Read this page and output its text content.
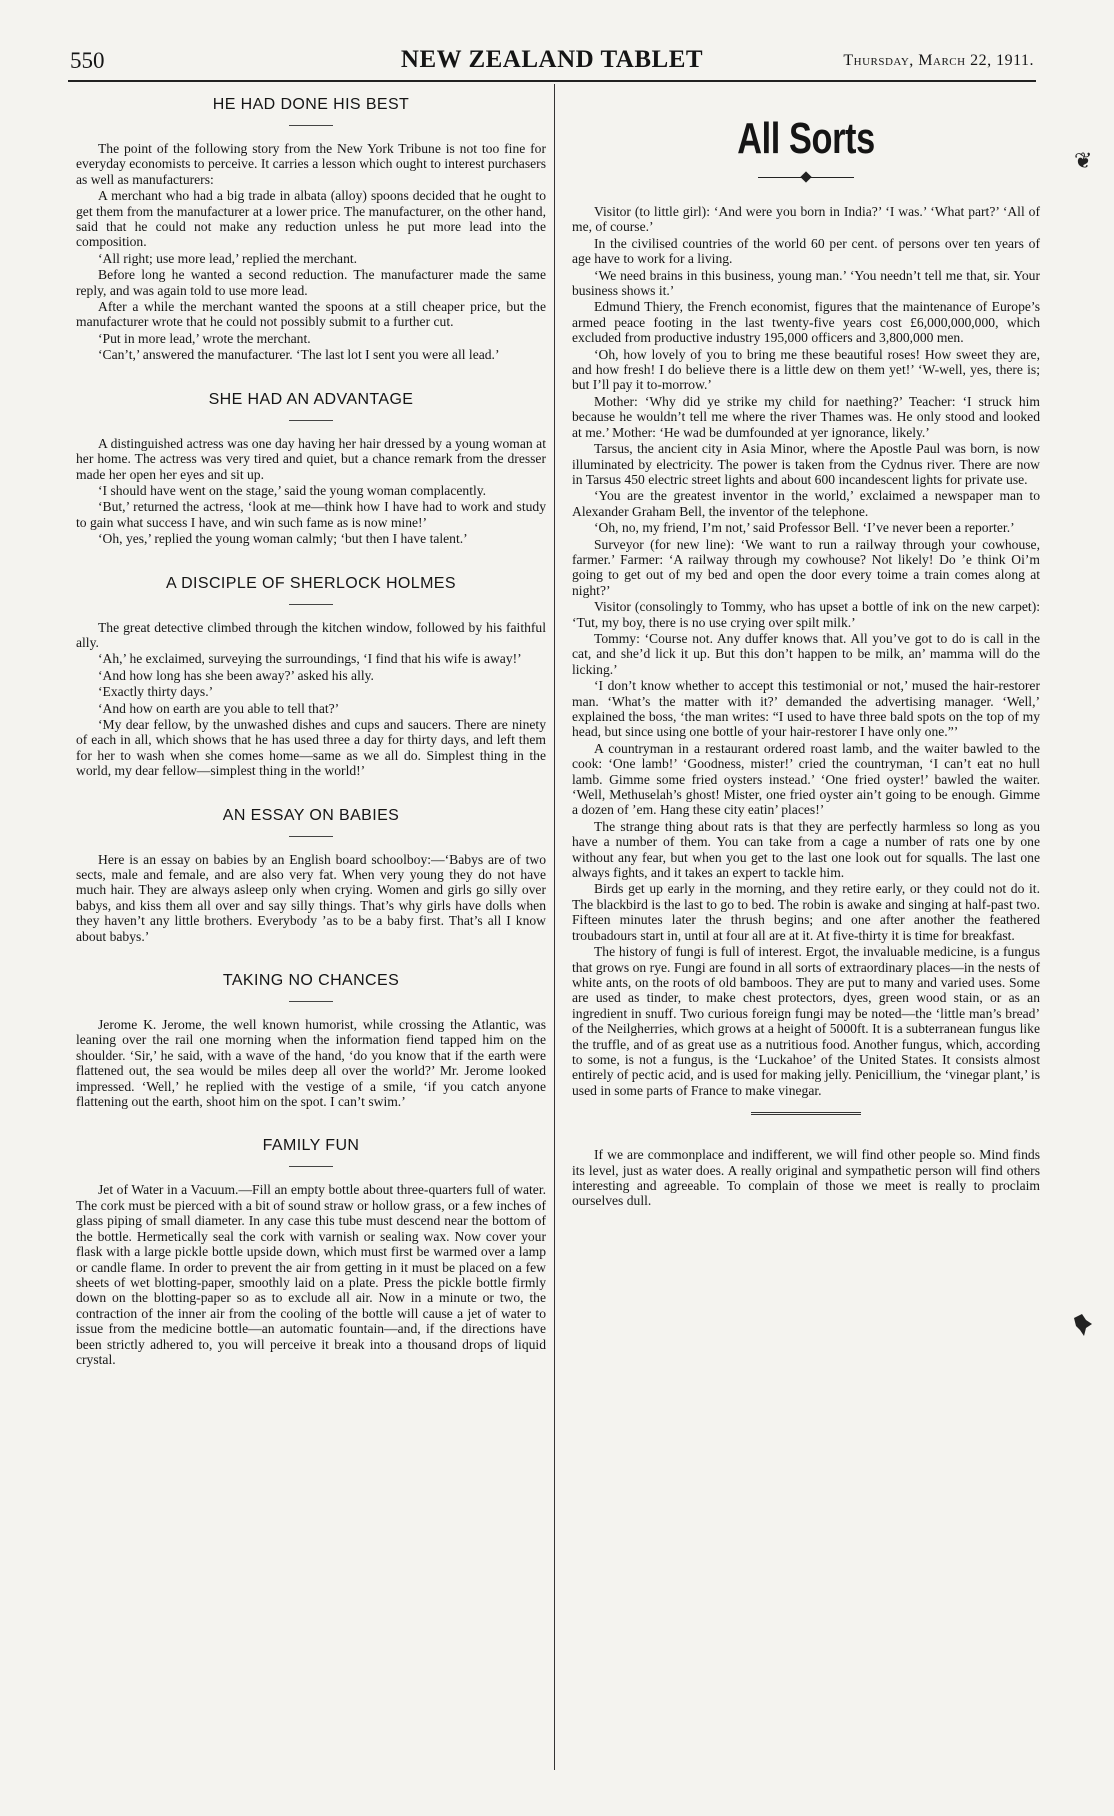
550	NEW ZEALAND TABLET	Thursday, March 22, 1911.
HE HAD DONE HIS BEST

The point of the following story from the New York Tribune is not too fine for everyday economists to perceive. It carries a lesson which ought to interest purchasers as well as manufacturers:

A merchant who had a big trade in albata (alloy) spoons decided that he ought to get them from the manufacturer at a lower price. The manufacturer, on the other hand, said that he could not make any reduction unless he put more lead into the composition.

‘All right; use more lead,’ replied the merchant.

Before long he wanted a second reduction. The manufacturer made the same reply, and was again told to use more lead.

After a while the merchant wanted the spoons at a still cheaper price, but the manufacturer wrote that he could not possibly submit to a further cut.

‘Put in more lead,’ wrote the merchant.

‘Can’t,’ answered the manufacturer. ‘The last lot I sent you were all lead.’

SHE HAD AN ADVANTAGE

A distinguished actress was one day having her hair dressed by a young woman at her home. The actress was very tired and quiet, but a chance remark from the dresser made her open her eyes and sit up.

‘I should have went on the stage,’ said the young woman complacently.

‘But,’ returned the actress, ‘look at me—think how I have had to work and study to gain what success I have, and win such fame as is now mine!’

‘Oh, yes,’ replied the young woman calmly; ‘but then I have talent.’

A DISCIPLE OF SHERLOCK HOLMES

The great detective climbed through the kitchen window, followed by his faithful ally.

‘Ah,’ he exclaimed, surveying the surroundings, ‘I find that his wife is away!’

‘And how long has she been away?’ asked his ally.

‘Exactly thirty days.’

‘And how on earth are you able to tell that?’

‘My dear fellow, by the unwashed dishes and cups and saucers. There are ninety of each in all, which shows that he has used three a day for thirty days, and left them for her to wash when she comes home—same as we all do. Simplest thing in the world, my dear fellow—simplest thing in the world!’

AN ESSAY ON BABIES

Here is an essay on babies by an English board schoolboy:—‘Babys are of two sects, male and female, and are also very fat. When very young they do not have much hair. They are always asleep only when crying. Women and girls go silly over babys, and kiss them all over and say silly things. That’s why girls have dolls when they haven’t any little brothers. Everybody ’as to be a baby first. That’s all I know about babys.’

TAKING NO CHANCES

Jerome K. Jerome, the well known humorist, while crossing the Atlantic, was leaning over the rail one morning when the information fiend tapped him on the shoulder. ‘Sir,’ he said, with a wave of the hand, ‘do you know that if the earth were flattened out, the sea would be miles deep all over the world?’ Mr. Jerome looked impressed. ‘Well,’ he replied with the vestige of a smile, ‘if you catch anyone flattening out the earth, shoot him on the spot. I can’t swim.’

FAMILY FUN

Jet of Water in a Vacuum.—Fill an empty bottle about three-quarters full of water. The cork must be pierced with a bit of sound straw or hollow grass, or a few inches of glass piping of small diameter. In any case this tube must descend near the bottom of the bottle. Hermetically seal the cork with varnish or sealing wax. Now cover your flask with a large pickle bottle upside down, which must first be warmed over a lamp or candle flame. In order to prevent the air from getting in it must be placed on a few sheets of wet blotting-paper, smoothly laid on a plate. Press the pickle bottle firmly down on the blotting-paper so as to exclude all air. Now in a minute or two, the contraction of the inner air from the cooling of the bottle will cause a jet of water to issue from the medicine bottle—an automatic fountain—and, if the directions have been strictly adhered to, you will perceive it break into a thousand drops of liquid crystal.

All Sorts

Visitor (to little girl): ‘And were you born in India?’ ‘I was.’ ‘What part?’ ‘All of me, of course.’

In the civilised countries of the world 60 per cent. of persons over ten years of age have to work for a living.

‘We need brains in this business, young man.’ ‘You needn’t tell me that, sir. Your business shows it.’

Edmund Thiery, the French economist, figures that the maintenance of Europe’s armed peace footing in the last twenty-five years cost £6,000,000,000, which excluded from productive industry 195,000 officers and 3,800,000 men.

‘Oh, how lovely of you to bring me these beautiful roses! How sweet they are, and how fresh! I do believe there is a little dew on them yet!’ ‘W-well, yes, there is; but I’ll pay it to-morrow.’

Mother: ‘Why did ye strike my child for naething?’ Teacher: ‘I struck him because he wouldn’t tell me where the river Thames was. He only stood and looked at me.’ Mother: ‘He wad be dumfounded at yer ignorance, likely.’

Tarsus, the ancient city in Asia Minor, where the Apostle Paul was born, is now illuminated by electricity. The power is taken from the Cydnus river. There are now in Tarsus 450 electric street lights and about 600 incandescent lights for private use.

‘You are the greatest inventor in the world,’ exclaimed a newspaper man to Alexander Graham Bell, the inventor of the telephone.

‘Oh, no, my friend, I’m not,’ said Professor Bell. ‘I’ve never been a reporter.’

Surveyor (for new line): ‘We want to run a railway through your cowhouse, farmer.’ Farmer: ‘A railway through my cowhouse? Not likely! Do ’e think Oi’m going to get out of my bed and open the door every toime a train comes along at night?’

Visitor (consolingly to Tommy, who has upset a bottle of ink on the new carpet): ‘Tut, my boy, there is no use crying over spilt milk.’

Tommy: ‘Course not. Any duffer knows that. All you’ve got to do is call in the cat, and she’d lick it up. But this don’t happen to be milk, an’ mamma will do the licking.’

‘I don’t know whether to accept this testimonial or not,’ mused the hair-restorer man. ‘What’s the matter with it?’ demanded the advertising manager. ‘Well,’ explained the boss, ‘the man writes: “I used to have three bald spots on the top of my head, but since using one bottle of your hair-restorer I have only one.”’

A countryman in a restaurant ordered roast lamb, and the waiter bawled to the cook: ‘One lamb!’ ‘Goodness, mister!’ cried the countryman, ‘I can’t eat no hull lamb. Gimme some fried oysters instead.’ ‘One fried oyster!’ bawled the waiter. ‘Well, Methuselah’s ghost! Mister, one fried oyster ain’t going to be enough. Gimme a dozen of ’em. Hang these city eatin’ places!’

The strange thing about rats is that they are perfectly harmless so long as you have a number of them. You can take from a cage a number of rats one by one without any fear, but when you get to the last one look out for squalls. The last one always fights, and it takes an expert to tackle him.

Birds get up early in the morning, and they retire early, or they could not do it. The blackbird is the last to go to bed. The robin is awake and singing at half-past two. Fifteen minutes later the thrush begins; and one after another the feathered troubadours start in, until at four all are at it. At five-thirty it is time for breakfast.

The history of fungi is full of interest. Ergot, the invaluable medicine, is a fungus that grows on rye. Fungi are found in all sorts of extraordinary places—in the nests of white ants, on the roots of old bamboos. They are put to many and varied uses. Some are used as tinder, to make chest protectors, dyes, green wood stain, or as an ingredient in snuff. Two curious foreign fungi may be noted—the ‘little man’s bread’ of the Neilgherries, which grows at a height of 5000ft. It is a subterranean fungus like the truffle, and of as great use as a nutritious food. Another fungus, which, according to some, is not a fungus, is the ‘Luckahoe’ of the United States. It consists almost entirely of pectic acid, and is used for making jelly. Penicillium, the ‘vinegar plant,’ is used in some parts of France to make vinegar.

If we are commonplace and indifferent, we will find other people so. Mind finds its level, just as water does. A really original and sympathetic person will find others interesting and agreeable. To complain of those we meet is really to proclaim ourselves dull.

❦
